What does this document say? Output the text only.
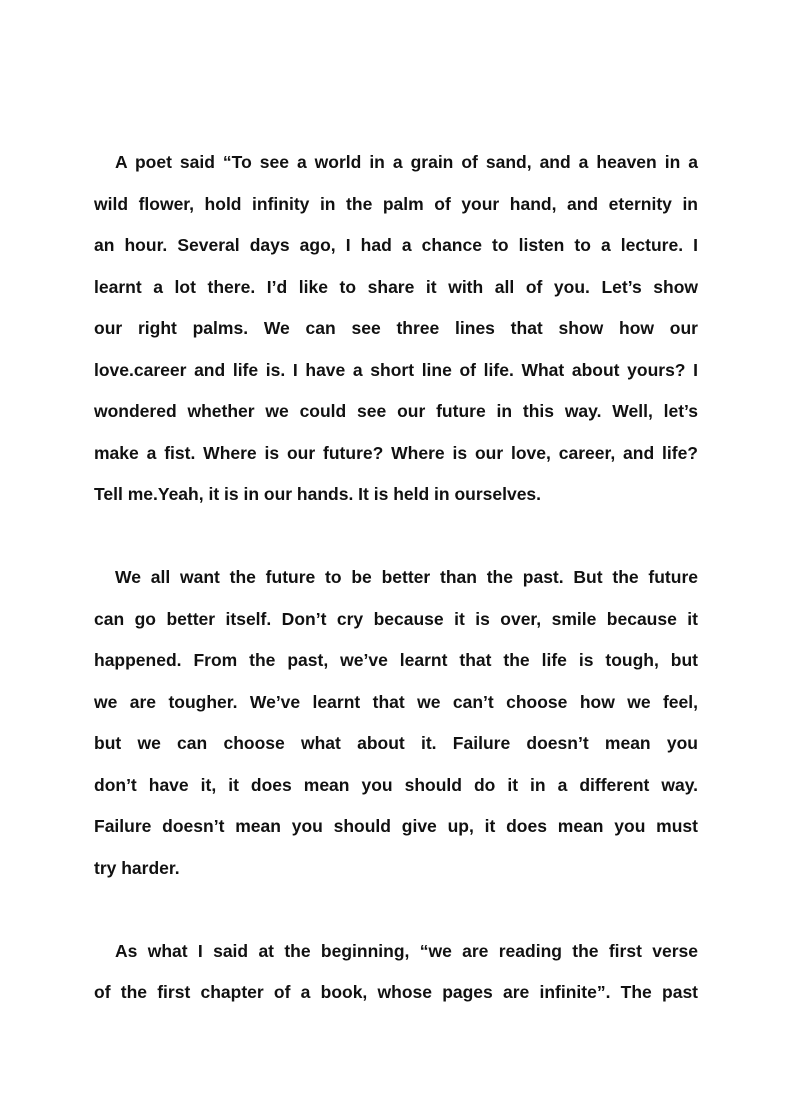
A poet said “To see a world in a grain of sand, and a heaven in a
wild flower, hold infinity in the palm of your hand, and eternity in
an hour. Several days ago, I had a chance to listen to a lecture. I
learnt a lot there. I’d like to share it with all of you. Let’s show
our right palms. We can see three lines that show how our
love.career and life is. I have a short line of life. What about yours? I
wondered whether we could see our future in this way. Well, let’s
make a fist. Where is our future? Where is our love, career, and life?
Tell me.Yeah, it is in our hands. It is held in ourselves.
We all want the future to be better than the past. But the future
can go better itself. Don’t cry because it is over, smile because it
happened. From the past, we’ve learnt that the life is tough, but
we are tougher. We’ve learnt that we can’t choose how we feel,
but we can choose what about it. Failure doesn’t mean you
don’t have it, it does mean you should do it in a different way.
Failure doesn’t mean you should give up, it does mean you must
try harder.
As what I said at the beginning, “we are reading the first verse
of the first chapter of a book, whose pages are infinite”. The past
